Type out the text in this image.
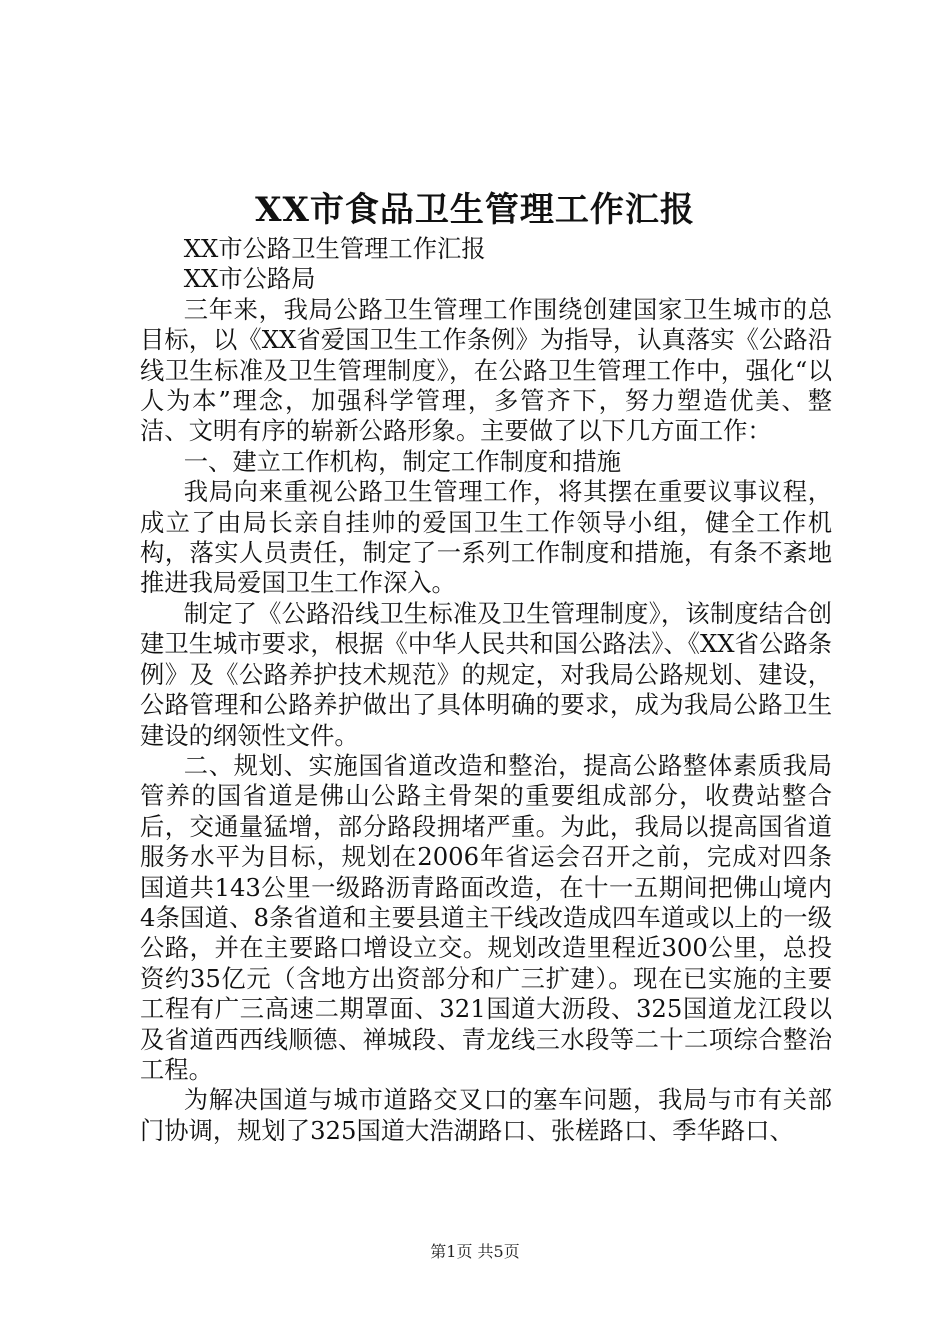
XX市食品卫生管理工作汇报

XX市公路卫生管理工作汇报

XX市公路局

三年来，我局公路卫生管理工作围绕创建国家卫生城市的总目标，以《XX省爱国卫生工作条例》为指导，认真落实《公路沿线卫生标准及卫生管理制度》，在公路卫生管理工作中，强化“以人为本”理念，加强科学管理，多管齐下，努力塑造优美、整洁、文明有序的崭新公路形象。主要做了以下几方面工作：

一、建立工作机构，制定工作制度和措施

我局向来重视公路卫生管理工作，将其摆在重要议事议程，成立了由局长亲自挂帅的爱国卫生工作领导小组，健全工作机构，落实人员责任，制定了一系列工作制度和措施，有条不紊地推进我局爱国卫生工作深入。

制定了《公路沿线卫生标准及卫生管理制度》，该制度结合创建卫生城市要求，根据《中华人民共和国公路法》、《XX省公路条例》及《公路养护技术规范》的规定，对我局公路规划、建设，公路管理和公路养护做出了具体明确的要求，成为我局公路卫生建设的纲领性文件。

二、规划、实施国省道改造和整治，提高公路整体素质我局管养的国省道是佛山公路主骨架的重要组成部分，收费站整合后，交通量猛增，部分路段拥堵严重。为此，我局以提高国省道服务水平为目标，规划在2006年省运会召开之前，完成对四条国道共143公里一级路沥青路面改造，在十一五期间把佛山境内4条国道、8条省道和主要县道主干线改造成四车道或以上的一级公路，并在主要路口增设立交。规划改造里程近300公里，总投资约35亿元（含地方出资部分和广三扩建）。现在已实施的主要工程有广三高速二期罩面、321国道大沥段、325国道龙江段以及省道西西线顺德、禅城段、青龙线三水段等二十二项综合整治工程。

为解决国道与城市道路交叉口的塞车问题，我局与市有关部门协调，规划了325国道大浩湖路口、张槎路口、季华路口、

第1页 共5页
